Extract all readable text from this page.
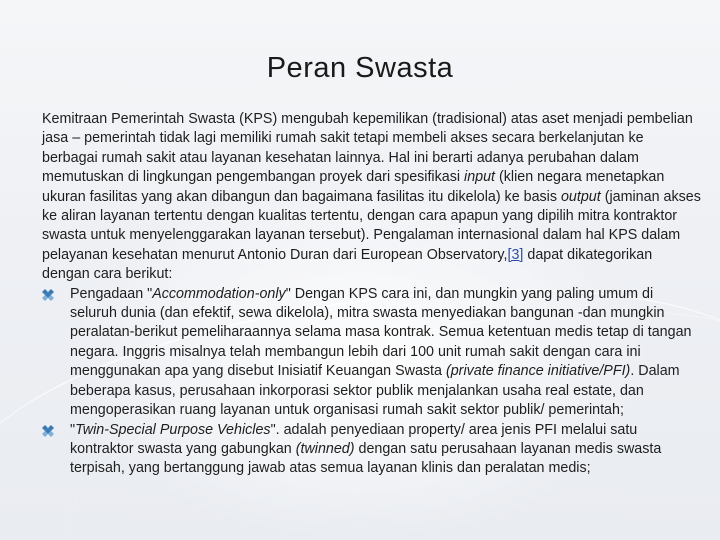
Peran Swasta

Kemitraan Pemerintah Swasta (KPS) mengubah kepemilikan (tradisional) atas aset menjadi pembelian jasa – pemerintah tidak lagi memiliki rumah sakit tetapi membeli akses secara berkelanjutan ke berbagai rumah sakit atau layanan kesehatan lainnya. Hal ini berarti adanya perubahan dalam memutuskan di lingkungan pengembangan proyek dari spesifikasi input (klien negara menetapkan ukuran fasilitas yang akan dibangun dan bagaimana fasilitas itu dikelola) ke basis output (jaminan akses ke aliran layanan tertentu dengan kualitas tertentu, dengan cara apapun yang dipilih mitra kontraktor swasta untuk menyelenggarakan layanan tersebut). Pengalaman internasional dalam hal KPS dalam pelayanan kesehatan menurut Antonio Duran dari European Observatory,[3] dapat dikategorikan dengan cara berikut:

Pengadaan "Accommodation-only" Dengan KPS cara ini, dan mungkin yang paling umum di seluruh dunia (dan efektif, sewa dikelola), mitra swasta menyediakan bangunan -dan mungkin peralatan-berikut pemeliharaannya selama masa kontrak. Semua ketentuan medis tetap di tangan negara. Inggris misalnya telah membangun lebih dari 100 unit rumah sakit dengan cara ini menggunakan apa yang disebut Inisiatif Keuangan Swasta (private finance initiative/PFI). Dalam beberapa kasus, perusahaan inkorporasi sektor publik menjalankan usaha real estate, dan mengoperasikan ruang layanan untuk organisasi rumah sakit sektor publik/ pemerintah;
"Twin-Special Purpose Vehicles". adalah penyediaan property/ area jenis PFI melalui satu kontraktor swasta yang gabungkan (twinned) dengan satu perusahaan layanan medis swasta terpisah, yang bertanggung jawab atas semua layanan klinis dan peralatan medis;
